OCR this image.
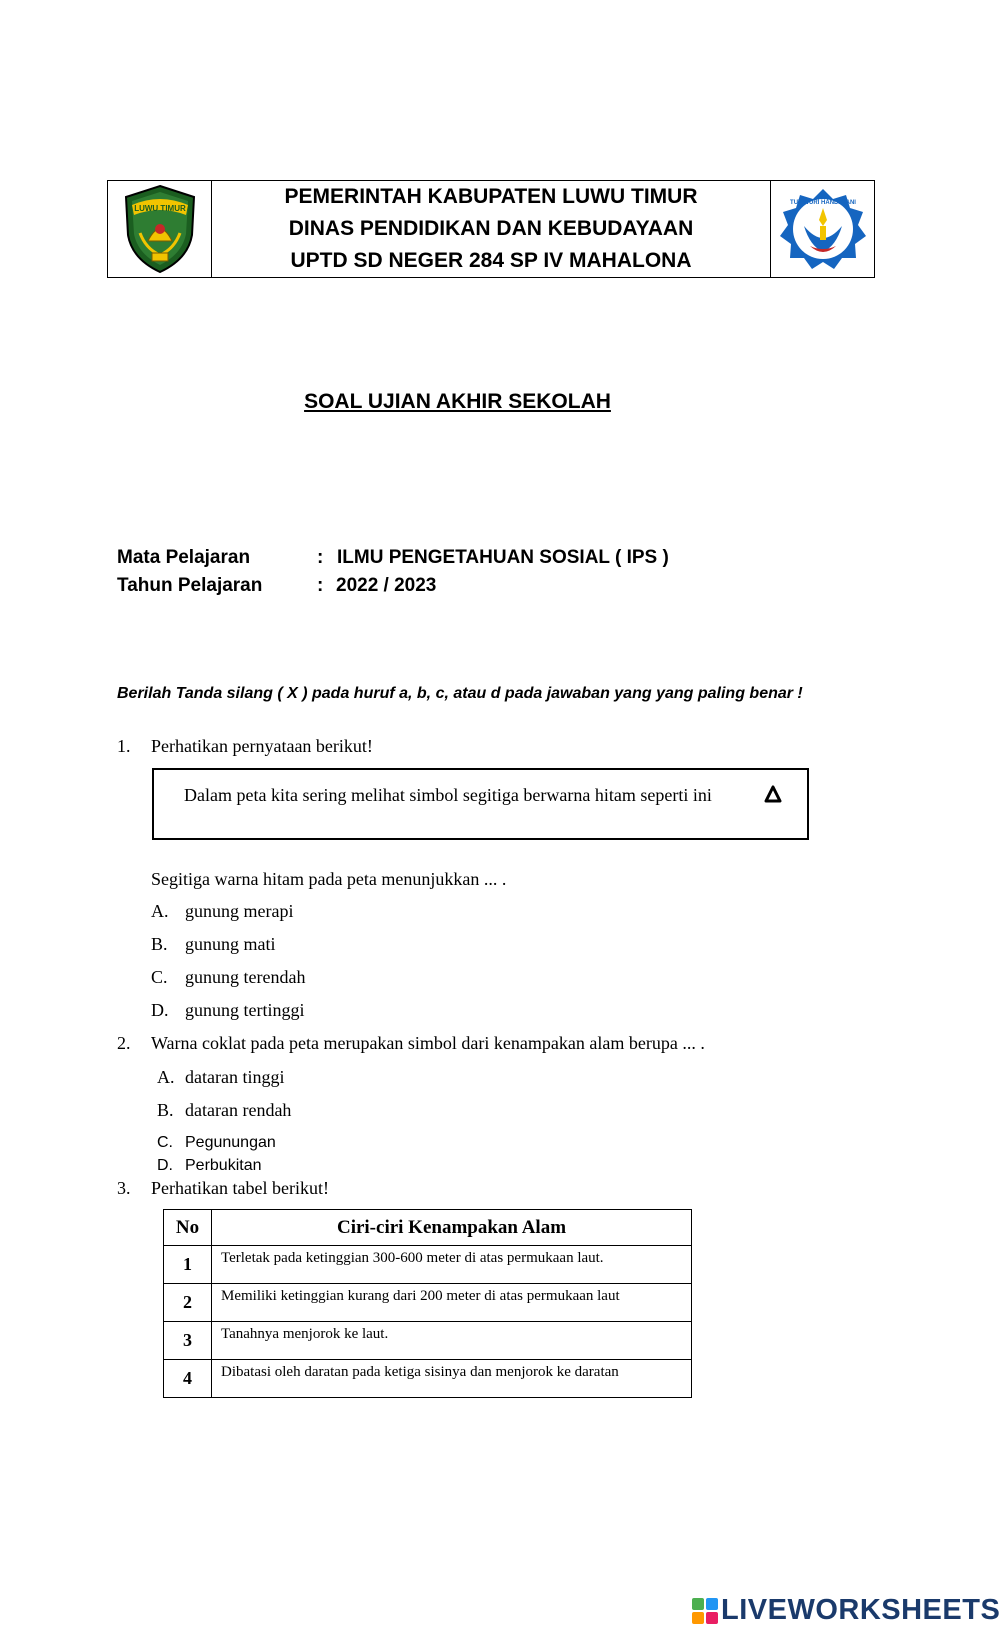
LUWU TIMUR
PEMERINTAH KABUPATEN LUWU TIMUR
DINAS PENDIDIKAN DAN KEBUDAYAAN
UPTD SD NEGER 284 SP IV MAHALONA
TUT WURI HANDAYANI
SOAL UJIAN AKHIR SEKOLAH
Mata Pelajaran	: ILMU PENGETAHUAN SOSIAL ( IPS )
Tahun Pelajaran	: 2022 / 2023
Berilah Tanda silang ( X ) pada huruf a, b, c, atau d pada jawaban yang yang paling benar !
1. Perhatikan pernyataan berikut!
Dalam peta kita sering melihat simbol segitiga berwarna hitam seperti ini
Segitiga warna hitam pada peta menunjukkan ... .
A. gunung merapi
B. gunung mati
C. gunung terendah
D. gunung tertinggi
2. Warna coklat pada peta merupakan simbol dari kenampakan alam berupa ... .
A. dataran tinggi
B. dataran rendah
C. Pegunungan
D. Perbukitan
3. Perhatikan tabel berikut!
No	Ciri-ciri Kenampakan Alam
1	Terletak pada ketinggian 300-600 meter di atas permukaan laut.
2	Memiliki ketinggian kurang dari 200 meter di atas permukaan laut
3	Tanahnya menjorok ke laut.
4	Dibatasi oleh daratan pada ketiga sisinya dan menjorok ke daratan
LIVEWORKSHEETS
